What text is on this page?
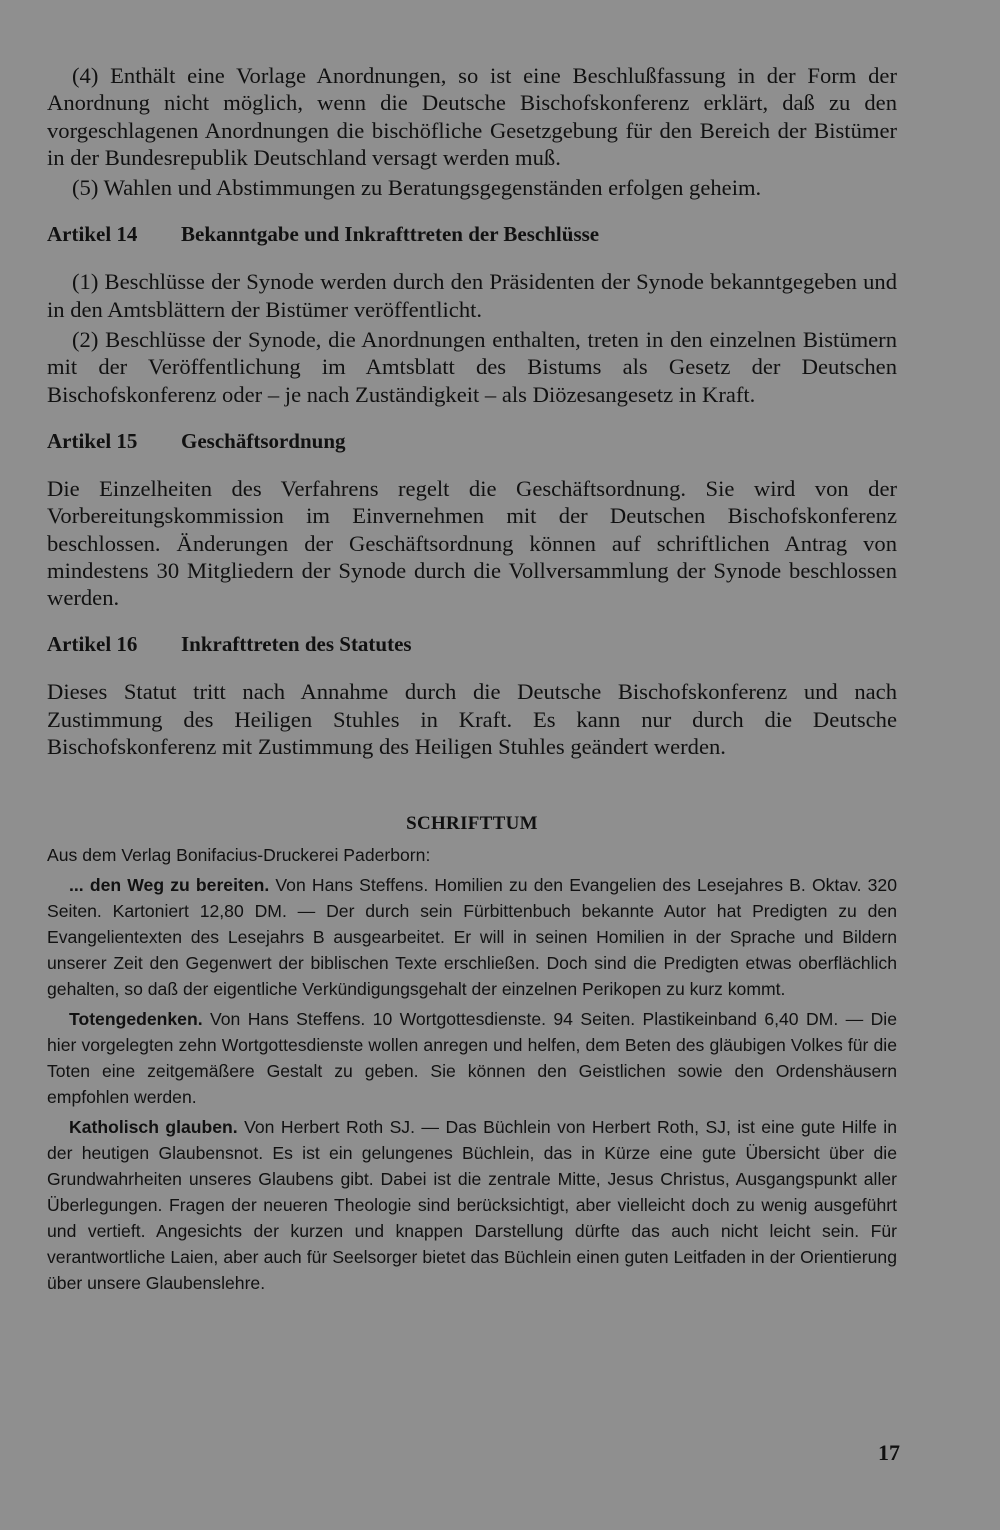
(4) Enthält eine Vorlage Anordnungen, so ist eine Beschlußfassung in der Form der Anordnung nicht möglich, wenn die Deutsche Bischofskonferenz erklärt, daß zu den vorgeschlagenen Anordnungen die bischöfliche Gesetzgebung für den Bereich der Bistümer in der Bundesrepublik Deutschland versagt werden muß.

(5) Wahlen und Abstimmungen zu Beratungsgegenständen erfolgen geheim.

Artikel 14	Bekanntgabe und Inkrafttreten der Beschlüsse

(1) Beschlüsse der Synode werden durch den Präsidenten der Synode bekanntgegeben und in den Amtsblättern der Bistümer veröffentlicht.

(2) Beschlüsse der Synode, die Anordnungen enthalten, treten in den einzelnen Bistümern mit der Veröffentlichung im Amtsblatt des Bistums als Gesetz der Deutschen Bischofskonferenz oder – je nach Zuständigkeit – als Diözesangesetz in Kraft.

Artikel 15	Geschäftsordnung

Die Einzelheiten des Verfahrens regelt die Geschäftsordnung. Sie wird von der Vorbereitungskommission im Einvernehmen mit der Deutschen Bischofskonferenz beschlossen. Änderungen der Geschäftsordnung können auf schriftlichen Antrag von mindestens 30 Mitgliedern der Synode durch die Vollversammlung der Synode beschlossen werden.

Artikel 16	Inkrafttreten des Statutes

Dieses Statut tritt nach Annahme durch die Deutsche Bischofskonferenz und nach Zustimmung des Heiligen Stuhles in Kraft. Es kann nur durch die Deutsche Bischofskonferenz mit Zustimmung des Heiligen Stuhles geändert werden.

SCHRIFTTUM

Aus dem Verlag Bonifacius-Druckerei Paderborn:

... den Weg zu bereiten. Von Hans Steffens. Homilien zu den Evangelien des Lesejahres B. Oktav. 320 Seiten. Kartoniert 12,80 DM. — Der durch sein Fürbittenbuch bekannte Autor hat Predigten zu den Evangelientexten des Lesejahrs B ausgearbeitet. Er will in seinen Homilien in der Sprache und Bildern unserer Zeit den Gegenwert der biblischen Texte erschließen. Doch sind die Predigten etwas oberflächlich gehalten, so daß der eigentliche Verkündigungsgehalt der einzelnen Perikopen zu kurz kommt.

Totengedenken. Von Hans Steffens. 10 Wortgottesdienste. 94 Seiten. Plastikeinband 6,40 DM. — Die hier vorgelegten zehn Wortgottesdienste wollen anregen und helfen, dem Beten des gläubigen Volkes für die Toten eine zeitgemäßere Gestalt zu geben. Sie können den Geistlichen sowie den Ordenshäusern empfohlen werden.

Katholisch glauben. Von Herbert Roth SJ. — Das Büchlein von Herbert Roth, SJ, ist eine gute Hilfe in der heutigen Glaubensnot. Es ist ein gelungenes Büchlein, das in Kürze eine gute Übersicht über die Grundwahrheiten unseres Glaubens gibt. Dabei ist die zentrale Mitte, Jesus Christus, Ausgangspunkt aller Überlegungen. Fragen der neueren Theologie sind berücksichtigt, aber vielleicht doch zu wenig ausgeführt und vertieft. Angesichts der kurzen und knappen Darstellung dürfte das auch nicht leicht sein. Für verantwortliche Laien, aber auch für Seelsorger bietet das Büchlein einen guten Leitfaden in der Orientierung über unsere Glaubenslehre.

17
